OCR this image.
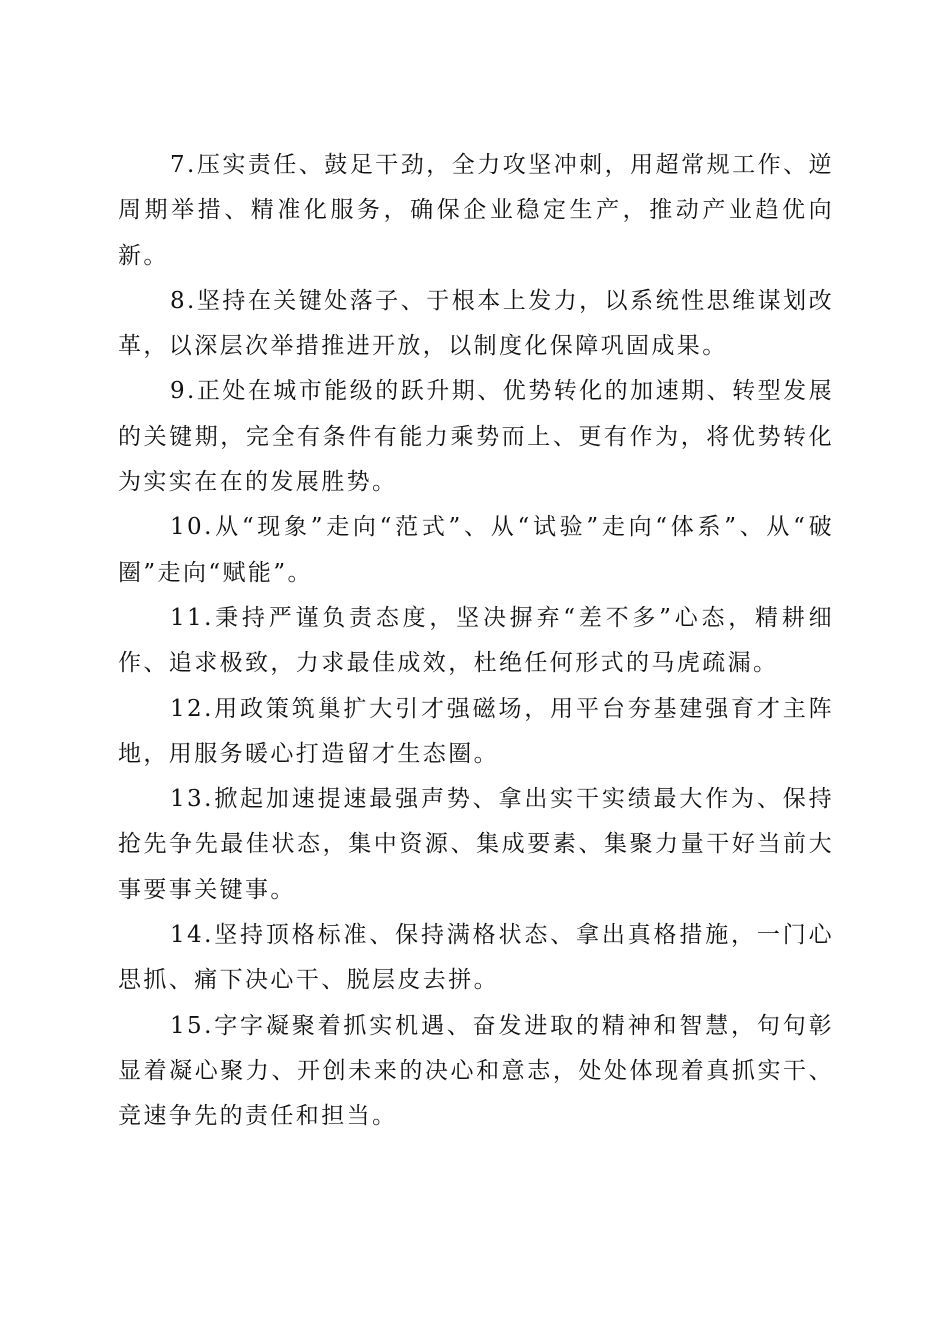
7.压实责任、鼓足干劲，全力攻坚冲刺，用超常规工作、逆周期举措、精准化服务，确保企业稳定生产，推动产业趋优向新。

8.坚持在关键处落子、于根本上发力，以系统性思维谋划改革，以深层次举措推进开放，以制度化保障巩固成果。

9.正处在城市能级的跃升期、优势转化的加速期、转型发展的关键期，完全有条件有能力乘势而上、更有作为，将优势转化为实实在在的发展胜势。

10.从“现象”走向“范式”、从“试验”走向“体系”、从“破圈”走向“赋能”。

11.秉持严谨负责态度，坚决摒弃“差不多”心态，精耕细作、追求极致，力求最佳成效，杜绝任何形式的马虎疏漏。

12.用政策筑巢扩大引才强磁场，用平台夯基建强育才主阵地，用服务暖心打造留才生态圈。

13.掀起加速提速最强声势、拿出实干实绩最大作为、保持抢先争先最佳状态，集中资源、集成要素、集聚力量干好当前大事要事关键事。

14.坚持顶格标准、保持满格状态、拿出真格措施，一门心思抓、痛下决心干、脱层皮去拼。

15.字字凝聚着抓实机遇、奋发进取的精神和智慧，句句彰显着凝心聚力、开创未来的决心和意志，处处体现着真抓实干、竞速争先的责任和担当。
